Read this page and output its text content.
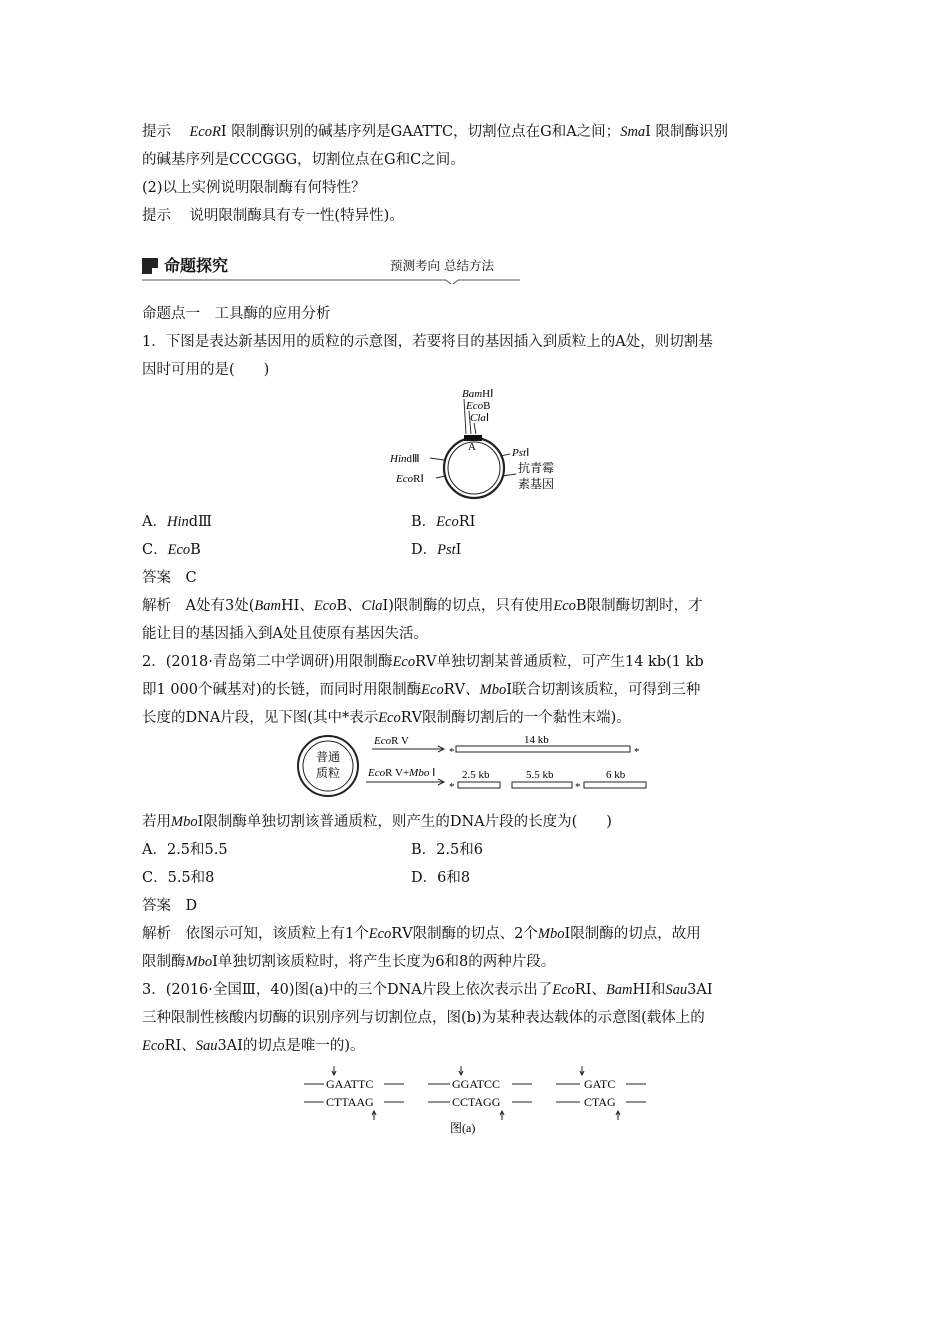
提示 EcoRⅠ 限制酶识别的碱基序列是GAATTC，切割位点在G和A之间；SmaⅠ 限制酶识别
的碱基序列是CCCGGG，切割位点在G和C之间。
(2)以上实例说明限制酶有何特性？
提示 说明限制酶具有专一性(特异性)。
命题探究	预测考向 总结方法
命题点一　工具酶的应用分析
1．下图是表达新基因用的质粒的示意图，若要将目的基因插入到质粒上的A处，则切割基
因时可用的是(　　)
BamHⅠ
EcoB
ClaⅠ
A	PstⅠ
HindⅢ
EcoRⅠ
抗青霉
素基因
A．HindⅢ	B．EcoRⅠ
C．EcoB	D．PstⅠ
答案　C
解析　A处有3处(BamHⅠ、EcoB、ClaⅠ)限制酶的切点，只有使用EcoB限制酶切割时，才
能让目的基因插入到A处且使原有基因失活。
2．(2018·青岛第二中学调研)用限制酶EcoRⅤ单独切割某普通质粒，可产生14 kb(1 kb
即1 000个碱基对)的长链，而同时用限制酶EcoRⅤ、MboⅠ联合切割该质粒，可得到三种
长度的DNA片段，见下图(其中*表示EcoRⅤ限制酶切割后的一个黏性末端)。
普通
质粒
EcoR V
EcoR V+Mbo Ⅰ
*	*
14 kb
*
2.5 kb	5.5 kb
*
6 kb
若用MboⅠ限制酶单独切割该普通质粒，则产生的DNA片段的长度为(　　)
A．2.5和5.5	B．2.5和6
C．5.5和8	D．6和8
答案　D
解析　依图示可知，该质粒上有1个EcoRⅤ限制酶的切点、2个MboⅠ限制酶的切点，故用
限制酶MboⅠ单独切割该质粒时，将产生长度为6和8的两种片段。
3．(2016·全国Ⅲ，40)图(a)中的三个DNA片段上依次表示出了EcoRⅠ、BamHⅠ和Sau3AⅠ
三种限制性核酸内切酶的识别序列与切割位点，图(b)为某种表达载体的示意图(载体上的
EcoRⅠ、Sau3AⅠ的切点是唯一的)。
GAATTC
CTTAAG
GGATCC
CCTAGG
GATC
CTAG
图(a)
